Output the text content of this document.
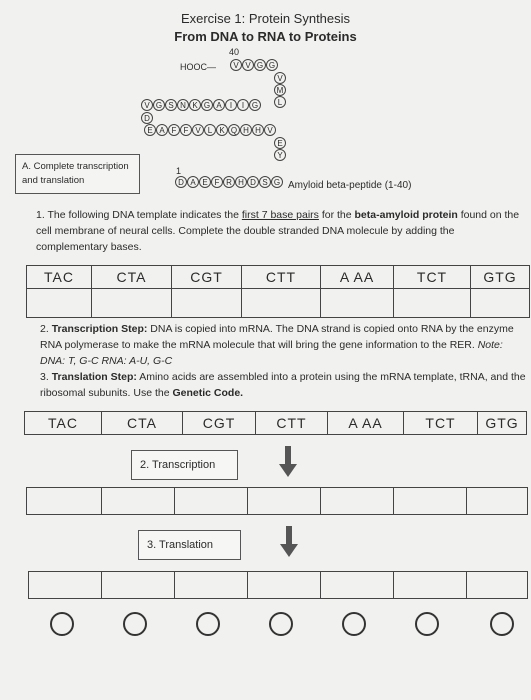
Exercise 1: Protein Synthesis
From DNA to RNA to Proteins
V V G G
V
M
L
V G S N K G A	I	I G
D
E A F F V L K Q H H V
E
Y
D A E F R H D S G
40
HOOC—
1
Amyloid beta-peptide (1-40)
A. Complete transcription
and translation
1. The following DNA template indicates the first 7 base pairs for the beta-amyloid protein found on the cell membrane of neural cells. Complete the double stranded DNA molecule by adding the complementary bases.
TAC	CTA	CGT	CTT	A AA	TCT	GTG

2. Transcription Step: DNA is copied into mRNA. The DNA strand is copied onto RNA by the enzyme RNA polymerase to make the mRNA molecule that will bring the gene information to the RER. Note: DNA: T, G-C RNA: A-U, G-C
3. Translation Step: Amino acids are assembled into a protein using the mRNA template, tRNA, and the ribosomal subunits. Use the Genetic Code.
TAC	CTA	CGT	CTT	A AA	TCT	GTG
2. Transcription

3. Translation
